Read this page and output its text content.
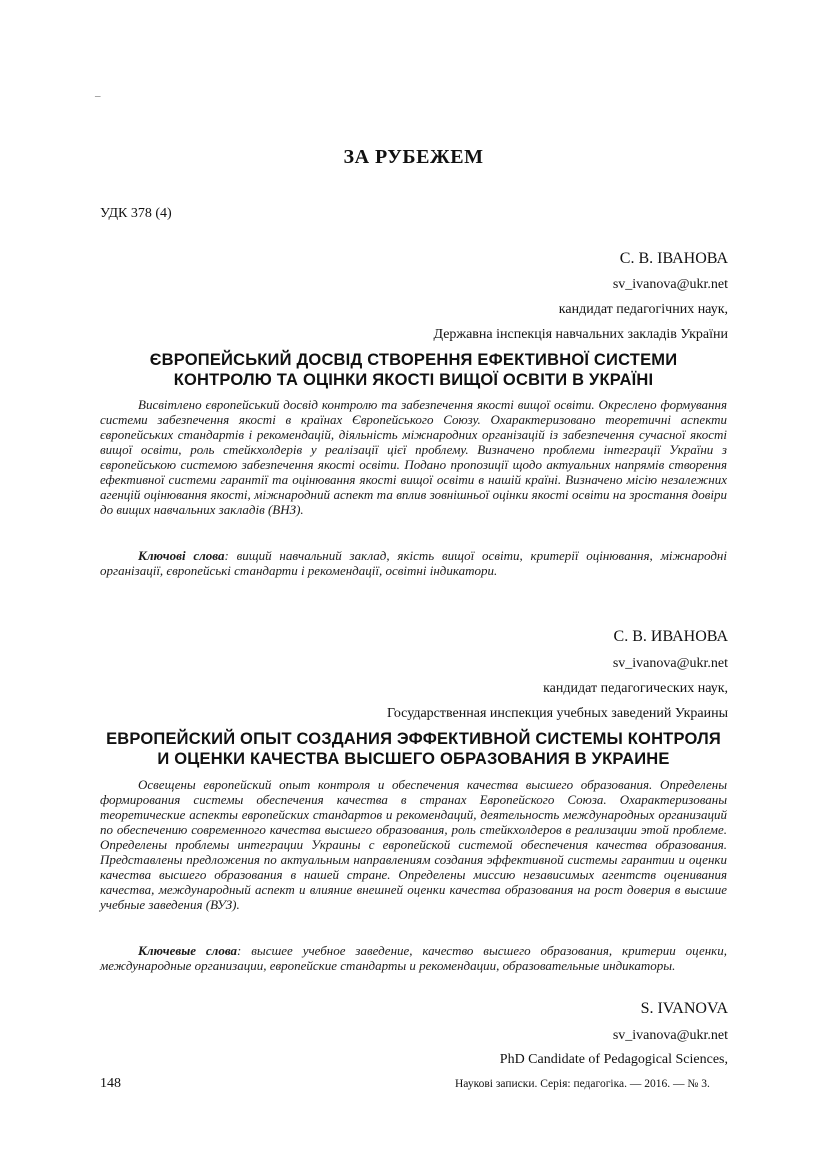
–
ЗА РУБЕЖЕМ
УДК 378 (4)
С. В. ІВАНОВА
sv_ivanova@ukr.net
кандидат педагогічних наук,
Державна інспекція навчальних закладів України
ЄВРОПЕЙСЬКИЙ ДОСВІД СТВОРЕННЯ ЕФЕКТИВНОЇ СИСТЕМИ
КОНТРОЛЮ ТА ОЦІНКИ ЯКОСТІ ВИЩОЇ ОСВІТИ В УКРАЇНІ

Висвітлено європейський досвід контролю та забезпечення якості вищої освіти. Окреслено формування системи забезпечення якості в країнах Європейського Союзу. Охарактеризовано теоретичні аспекти європейських стандартів і рекомендацій, діяльність міжнародних організацій із забезпечення сучасної якості вищої освіти, роль стейкхолдерів у реалізації цієї проблему. Визначено проблеми інтеграції України з європейською системою забезпечення якості освіти. Подано пропозиції щодо актуальних напрямів створення ефективної системи гарантії та оцінювання якості вищої освіти в нашій країні. Визначено місію незалежних агенцій оцінювання якості, міжнародний аспект та вплив зовнішньої оцінки якості освіти на зростання довіри до вищих навчальних закладів (ВНЗ).

Ключові слова: вищий навчальний заклад, якість вищої освіти, критерії оцінювання, міжнародні організації, європейські стандарти і рекомендації, освітні індикатори.

С. В. ИВАНОВА
sv_ivanova@ukr.net
кандидат педагогических наук,
Государственная инспекция учебных заведений Украины
ЕВРОПЕЙСКИЙ ОПЫТ СОЗДАНИЯ ЭФФЕКТИВНОЙ СИСТЕМЫ КОНТРОЛЯ
И ОЦЕНКИ КАЧЕСТВА ВЫСШЕГО ОБРАЗОВАНИЯ В УКРАИНЕ

Освещены европейский опыт контроля и обеспечения качества высшего образования. Определены формирования системы обеспечения качества в странах Европейского Союза. Охарактеризованы теоретические аспекты европейских стандартов и рекомендаций, деятельность международных организаций по обеспечению современного качества высшего образования, роль стейкхолдеров в реализации этой проблеме. Определены проблемы интеграции Украины с европейской системой обеспечения качества образования. Представлены предложения по актуальным направлениям создания эффективной системы гарантии и оценки качества высшего образования в нашей стране. Определены миссию независимых агентств оценивания качества, международный аспект и влияние внешней оценки качества образования на рост доверия в высшие учебные заведения (ВУЗ).

Ключевые слова: высшее учебное заведение, качество высшего образования, критерии оценки, международные организации, европейские стандарты и рекомендации, образовательные индикаторы.

S. IVANOVA
sv_ivanova@ukr.net
PhD Candidate of Pedagogical Sciences,
148	Наукові записки. Серія: педагогіка. — 2016. — № 3.
